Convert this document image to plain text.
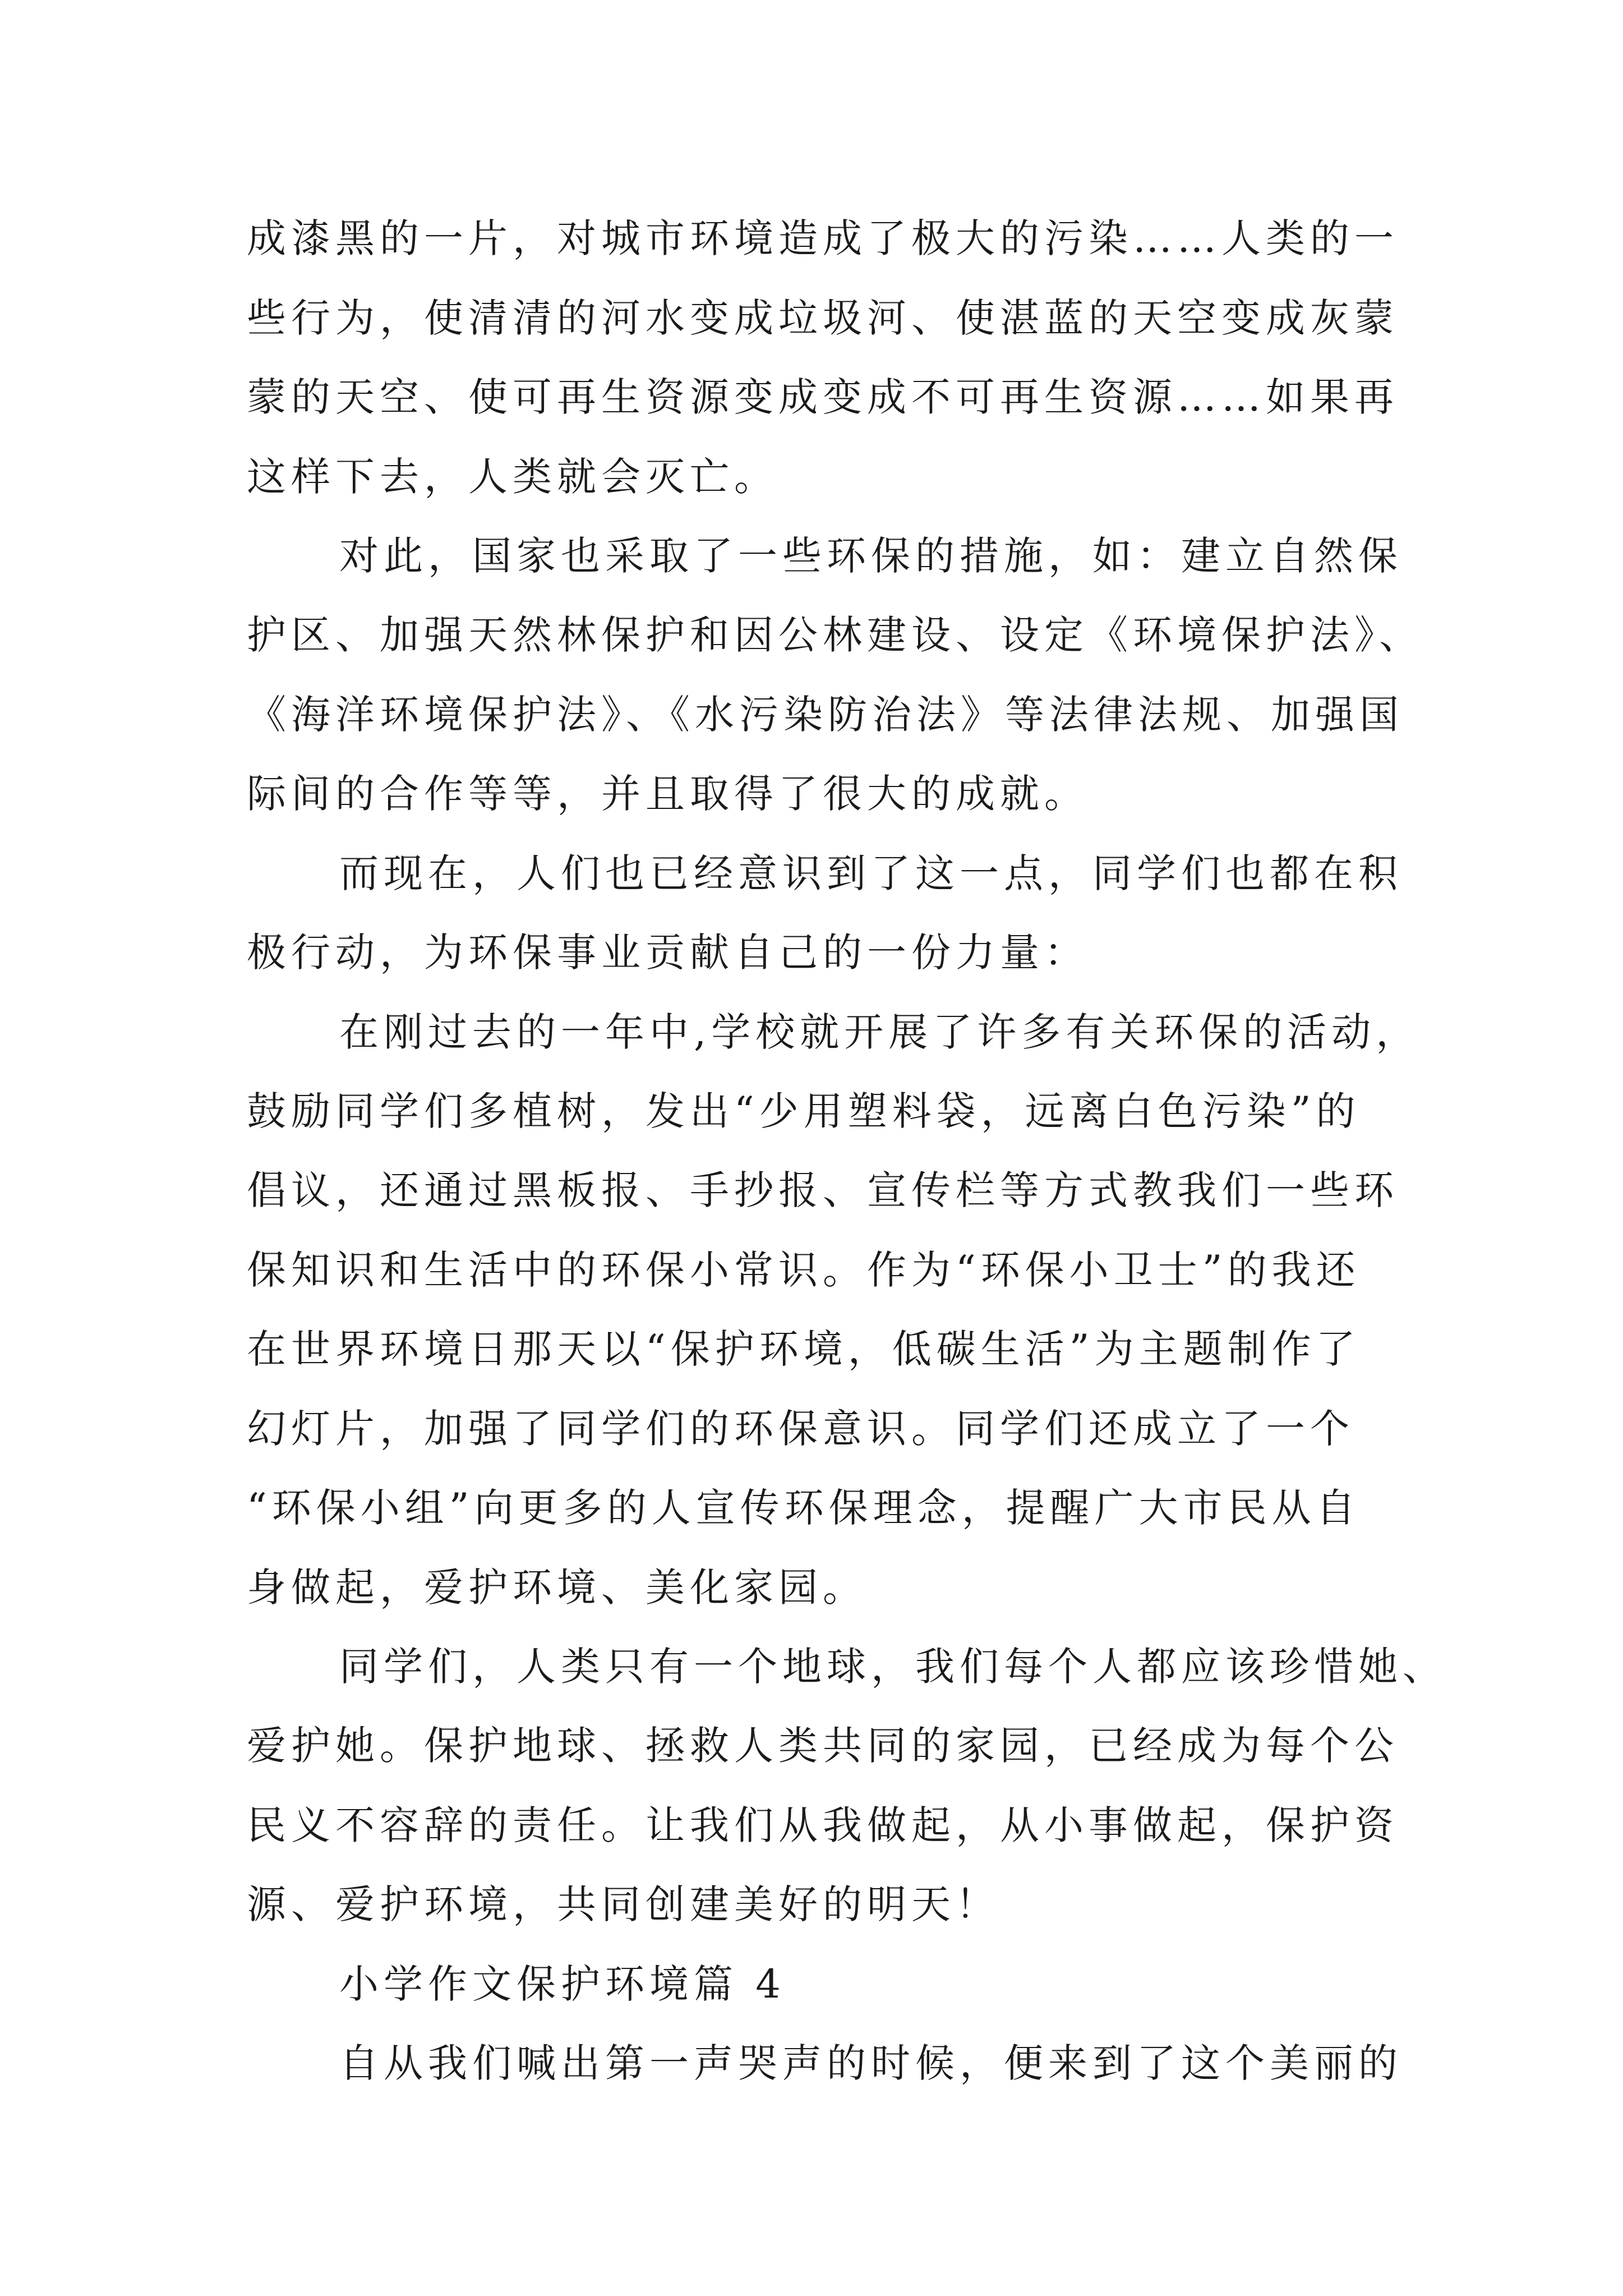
成漆黑的一片，对城市环境造成了极大的污染……人类的一
些行为，使清清的河水变成垃圾河、使湛蓝的天空变成灰蒙
蒙的天空、使可再生资源变成变成不可再生资源……如果再
这样下去，人类就会灭亡。
对此，国家也采取了一些环保的措施，如：建立自然保
护区、加强天然林保护和因公林建设、设定《环境保护法》、
《海洋环境保护法》、《水污染防治法》等法律法规、加强国
际间的合作等等，并且取得了很大的成就。
而现在，人们也已经意识到了这一点，同学们也都在积
极行动，为环保事业贡献自己的一份力量：
在刚过去的一年中,学校就开展了许多有关环保的活动，
鼓励同学们多植树，发出“少用塑料袋，远离白色污染”的
倡议，还通过黑板报、手抄报、宣传栏等方式教我们一些环
保知识和生活中的环保小常识。作为“环保小卫士”的我还
在世界环境日那天以“保护环境，低碳生活”为主题制作了
幻灯片，加强了同学们的环保意识。同学们还成立了一个
“环保小组”向更多的人宣传环保理念，提醒广大市民从自
身做起，爱护环境、美化家园。
同学们，人类只有一个地球，我们每个人都应该珍惜她、
爱护她。保护地球、拯救人类共同的家园，已经成为每个公
民义不容辞的责任。让我们从我做起，从小事做起，保护资
源、爱护环境，共同创建美好的明天！
小学作文保护环境篇 4
自从我们喊出第一声哭声的时候，便来到了这个美丽的
